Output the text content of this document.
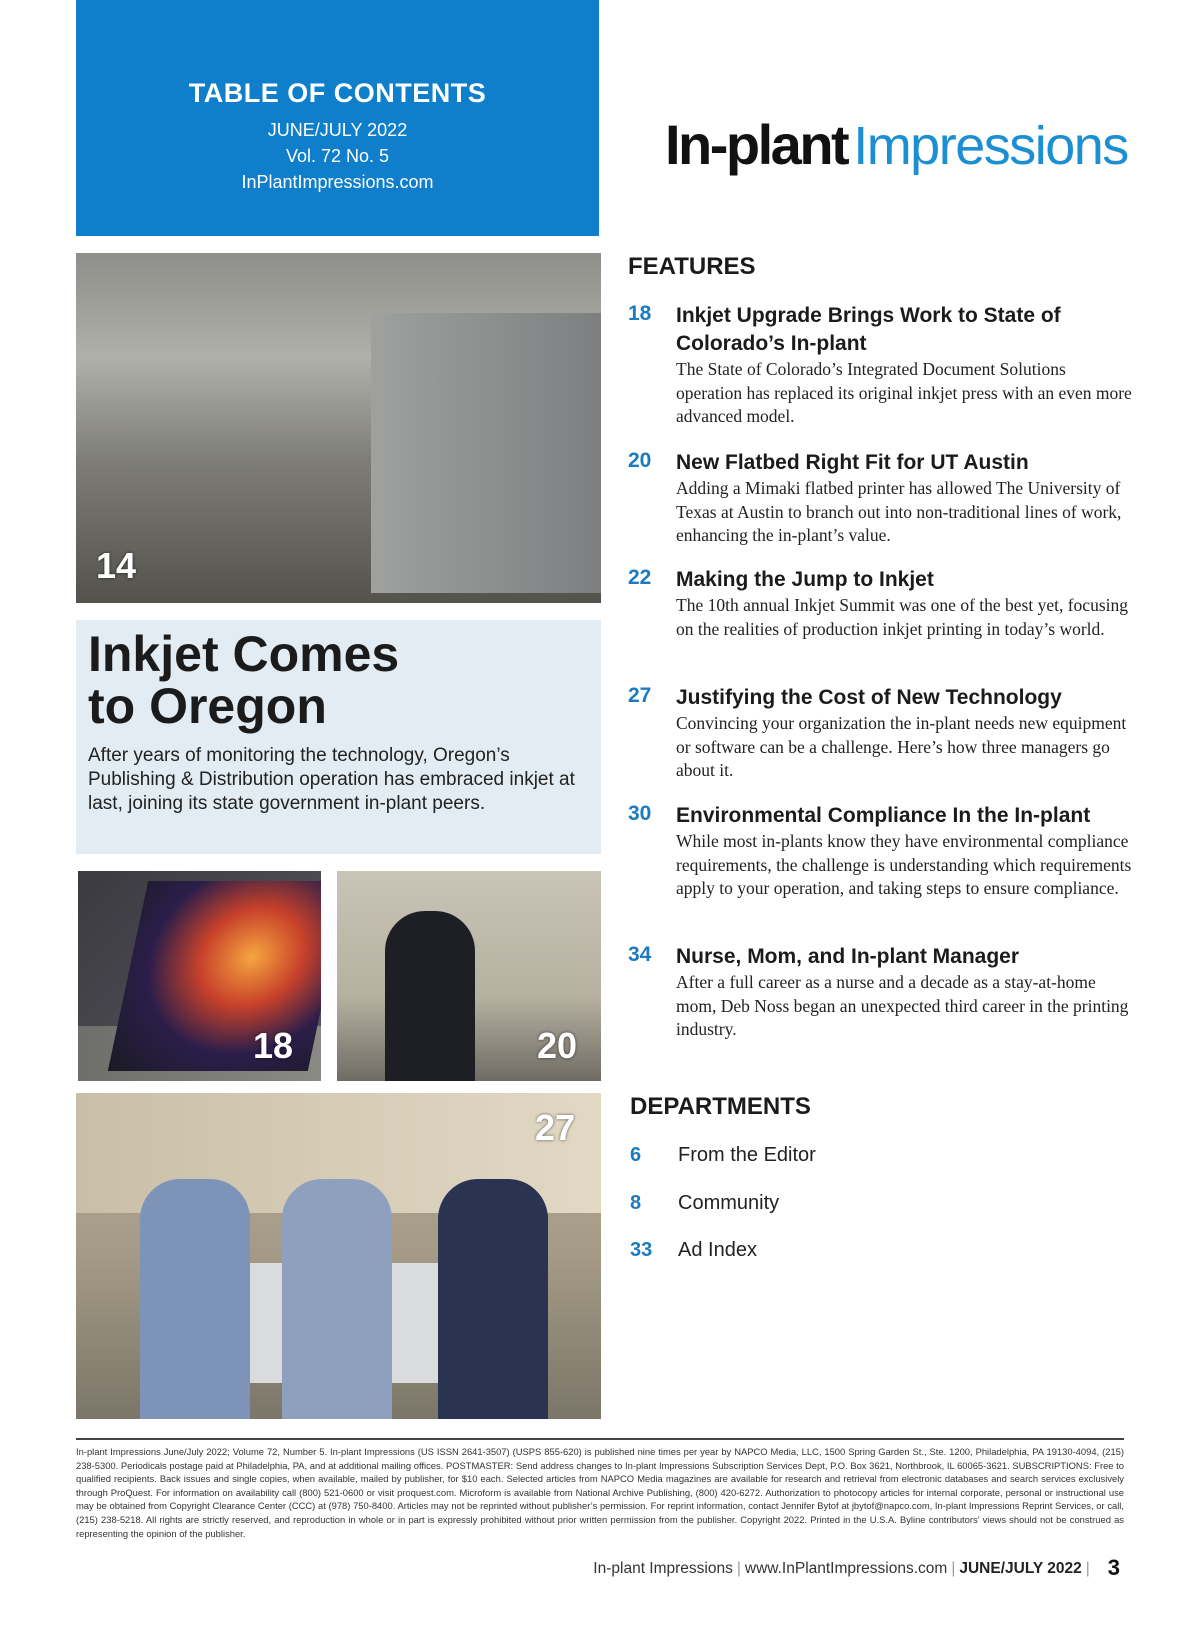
TABLE OF CONTENTS
JUNE/JULY 2022
Vol. 72 No. 5
InPlantImpressions.com
In-plant Impressions
14
Inkjet Comes
to Oregon
After years of monitoring the technology, Oregon’s Publishing & Distribution operation has embraced inkjet at last, joining its state government in-plant peers.
18	20
27
FEATURES
18 Inkjet Upgrade Brings Work to State of Colorado’s In-plant
The State of Colorado’s Integrated Document Solutions operation has replaced its original inkjet press with an even more advanced model.
20 New Flatbed Right Fit for UT Austin
Adding a Mimaki flatbed printer has allowed The University of Texas at Austin to branch out into non-traditional lines of work, enhancing the in-plant’s value.
22 Making the Jump to Inkjet
The 10th annual Inkjet Summit was one of the best yet, focusing on the realities of production inkjet printing in today’s world.
27 Justifying the Cost of New Technology
Convincing your organization the in-plant needs new equipment or software can be a challenge. Here’s how three managers go about it.
30 Environmental Compliance In the In-plant
While most in-plants know they have environmental compliance requirements, the challenge is understanding which requirements apply to your operation, and taking steps to ensure compliance.
34 Nurse, Mom, and In-plant Manager
After a full career as a nurse and a decade as a stay-at-home mom, Deb Noss began an unexpected third career in the printing industry.
DEPARTMENTS
6 From the Editor
8 Community
33 Ad Index
In-plant Impressions June/July 2022; Volume 72, Number 5. In-plant Impressions (US ISSN 2641-3507) (USPS 855-620) is published nine times per year by NAPCO Media, LLC, 1500 Spring Garden St., Ste. 1200, Philadelphia, PA 19130-4094, (215) 238-5300. Periodicals postage paid at Philadelphia, PA, and at additional mailing offices. POSTMASTER: Send address changes to In-plant Impressions Subscription Services Dept, P.O. Box 3621, Northbrook, IL 60065-3621. SUBSCRIPTIONS: Free to qualified recipients. Back issues and single copies, when available, mailed by publisher, for $10 each. Selected articles from NAPCO Media magazines are available for research and retrieval from electronic databases and search services exclusively through ProQuest. For information on availability call (800) 521-0600 or visit proquest.com. Microform is available from National Archive Publishing, (800) 420-6272. Authorization to photocopy articles for internal corporate, personal or instructional use may be obtained from Copyright Clearance Center (CCC) at (978) 750-8400. Articles may not be reprinted without publisher’s permission. For reprint information, contact Jennifer Bytof at jbytof@napco.com, In-plant Impressions Reprint Services, or call, (215) 238-5218. All rights are strictly reserved, and reproduction in whole or in part is expressly prohibited without prior written permission from the publisher. Copyright 2022. Printed in the U.S.A. Byline contributors’ views should not be construed as representing the opinion of the publisher.
In-plant Impressions | www.InPlantImpressions.com | JUNE/JULY 2022 | 3
